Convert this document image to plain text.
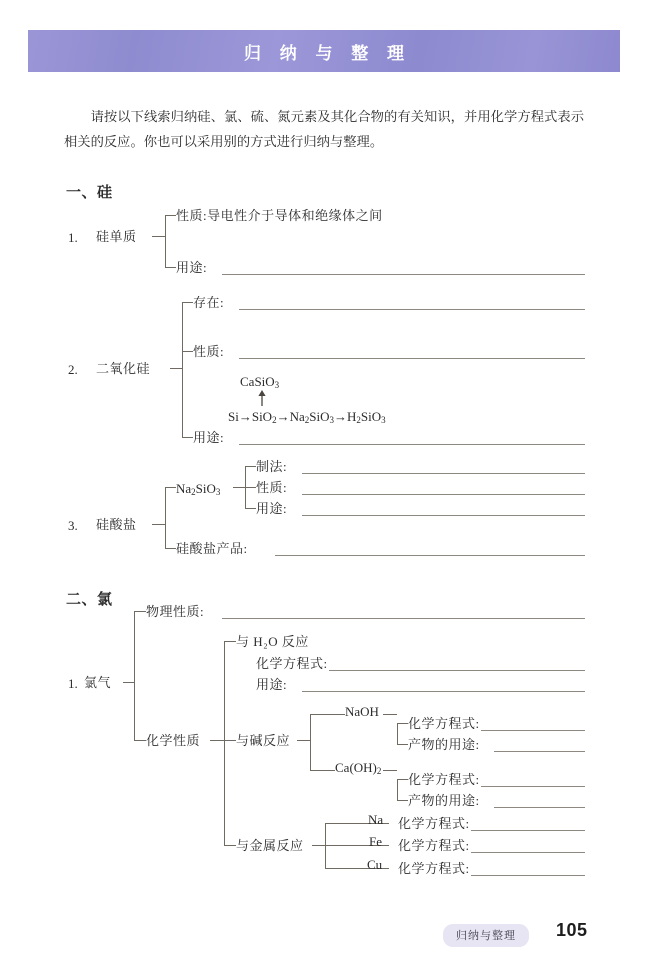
归 纳 与 整 理

请按以下线索归纳硅、氯、硫、氮元素及其化合物的有关知识，并用化学方程式表示相关的反应。你也可以采用别的方式进行归纳与整理。

一、硅
1. 硅单质
性质:导电性介于导体和绝缘体之间
用途:
2. 二氧化硅
存在:
性质:
CaSiO$_3$
$Si\to SiO_2\to Na_2SiO_3\to H_2SiO_3$
用途:
3. 硅酸盐
$Na_2SiO_3$
制法:
性质:
用途:
硅酸盐产品:
二、氯
1. 氯气
物理性质:
化学性质
与 H₂O 反应
化学方程式:
用途:
与碱反应
NaOH
化学方程式:
产物的用途:
$Ca(OH)_2$
化学方程式:
产物的用途:
与金属反应
Na
Fe
Cu
化学方程式:
化学方程式:
化学方程式:
归纳与整理	105
